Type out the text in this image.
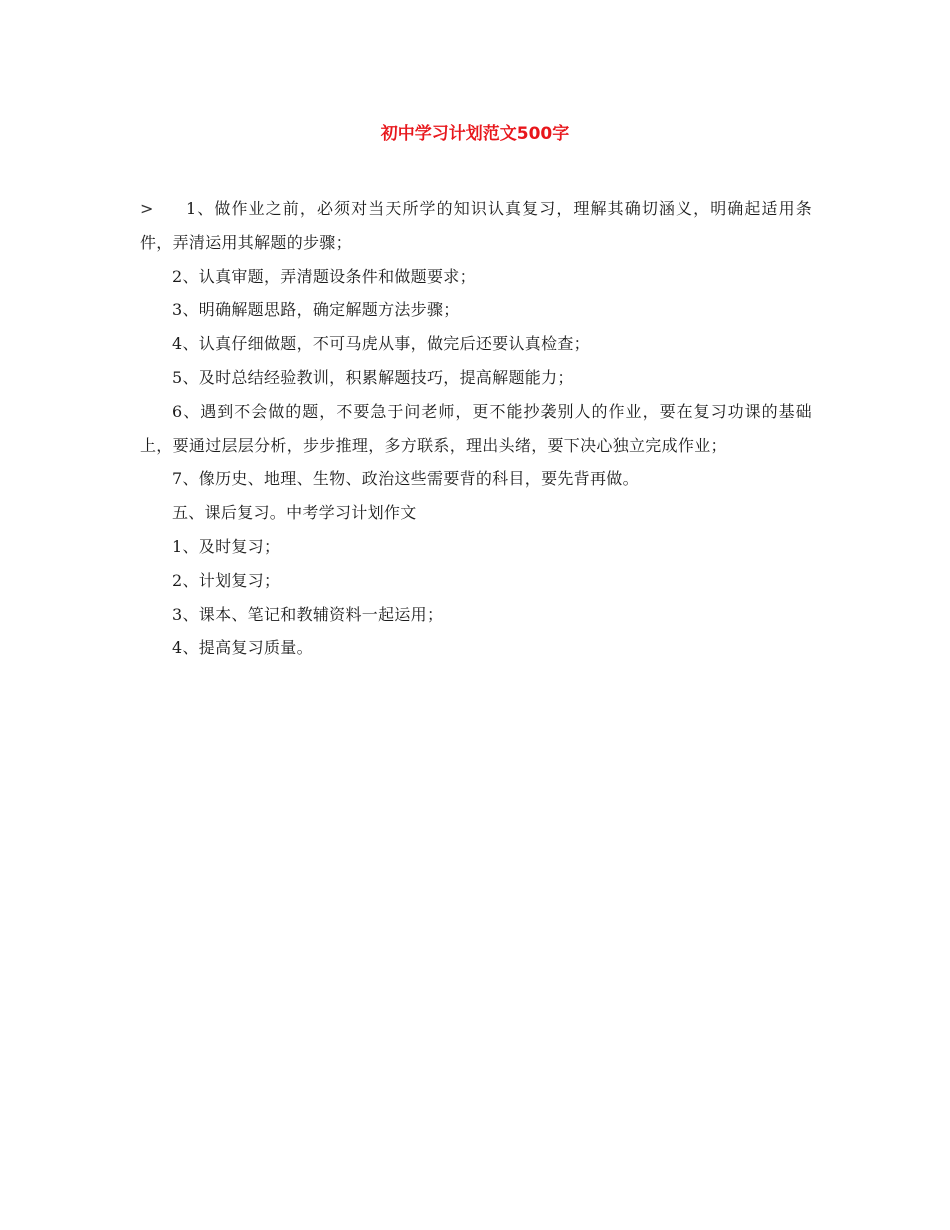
初中学习计划范文500字

> 1、做作业之前，必须对当天所学的知识认真复习，理解其确切涵义，明确起适用条件，弄清运用其解题的步骤；

2、认真审题，弄清题设条件和做题要求；

3、明确解题思路，确定解题方法步骤；

4、认真仔细做题，不可马虎从事，做完后还要认真检查；

5、及时总结经验教训，积累解题技巧，提高解题能力；

6、遇到不会做的题，不要急于问老师，更不能抄袭别人的作业，要在复习功课的基础上，要通过层层分析，步步推理，多方联系，理出头绪，要下决心独立完成作业；

7、像历史、地理、生物、政治这些需要背的科目，要先背再做。

五、课后复习。中考学习计划作文

1、及时复习；

2、计划复习；

3、课本、笔记和教辅资料一起运用；

4、提高复习质量。
